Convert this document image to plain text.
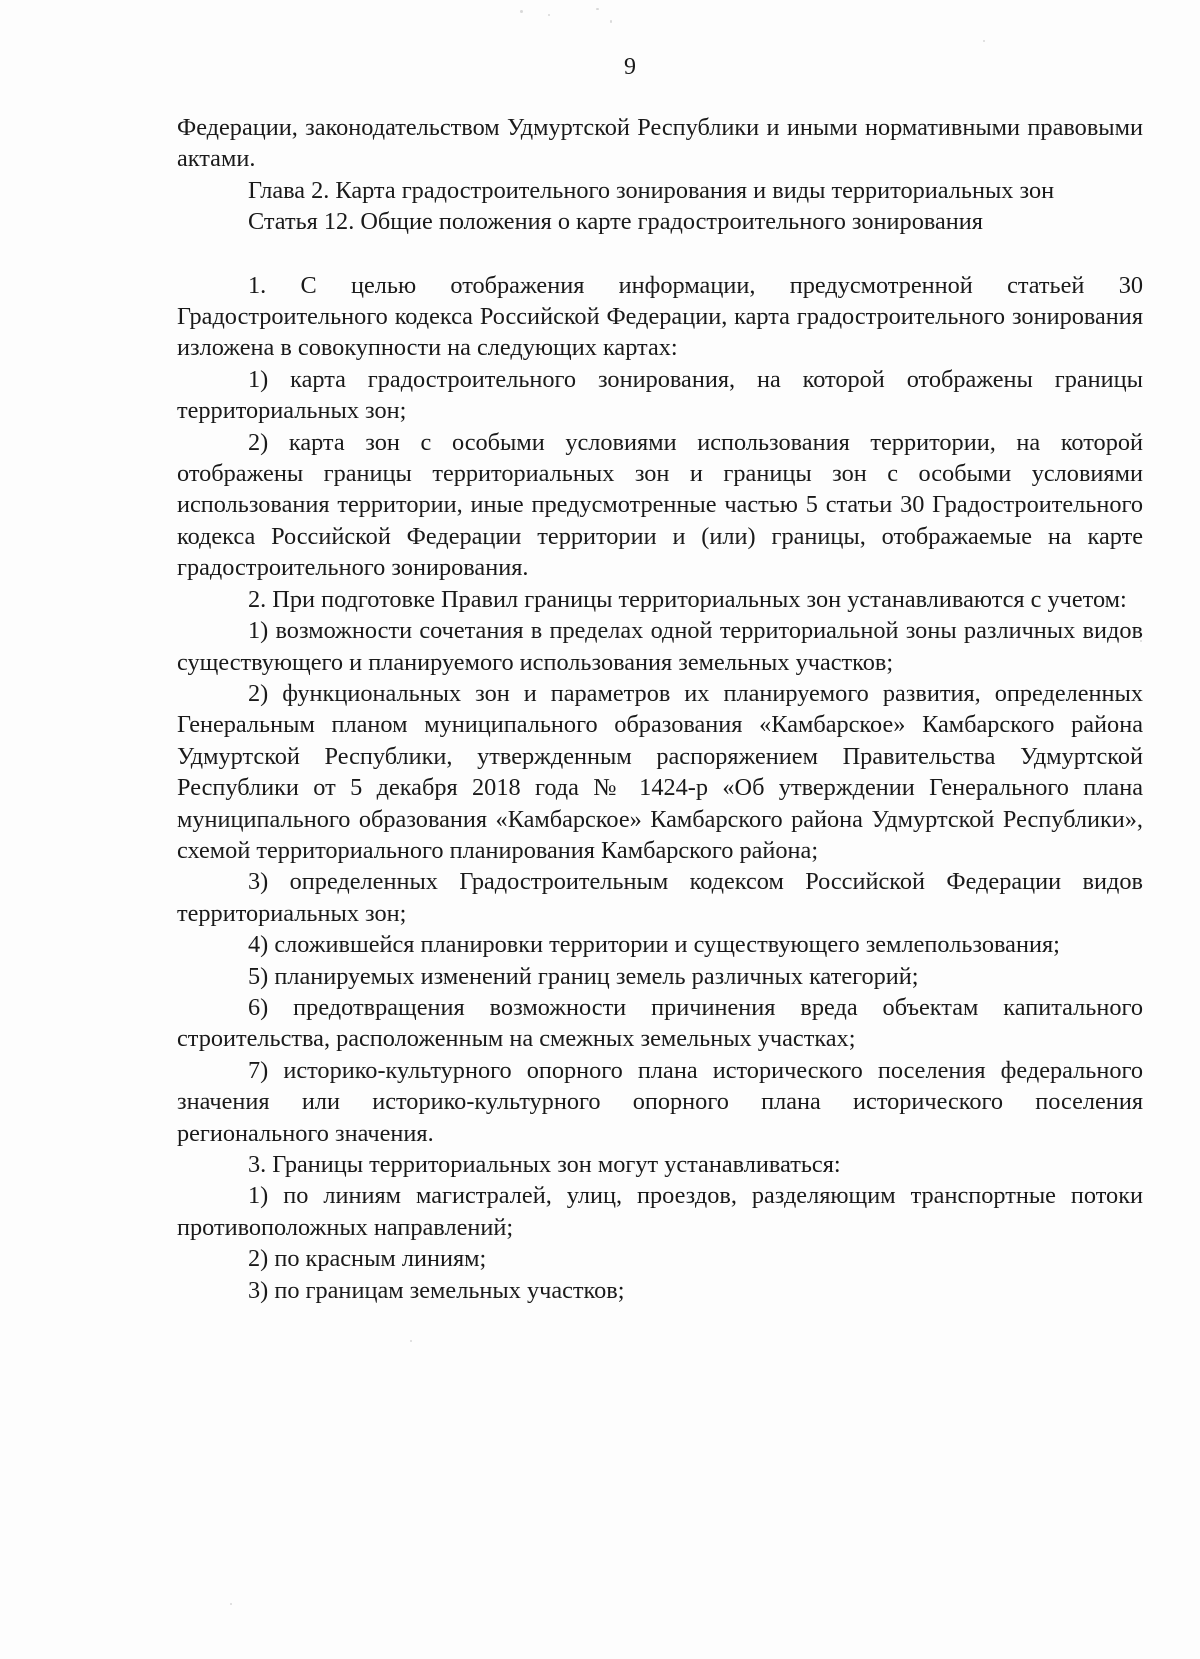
9

Федерации, законодательством Удмуртской Республики и иными нормативными правовыми актами.

Глава 2. Карта градостроительного зонирования и виды территориальных зон

Статья 12. Общие положения о карте градостроительного зонирования

1. С целью отображения информации, предусмотренной статьей 30 Градостроительного кодекса Российской Федерации, карта градостроительного зонирования изложена в совокупности на следующих картах:

1) карта градостроительного зонирования, на которой отображены границы территориальных зон;

2) карта зон с особыми условиями использования территории, на которой отображены границы территориальных зон и границы зон с особыми условиями использования территории, иные предусмотренные частью 5 статьи 30 Градостроительного кодекса Российской Федерации территории и (или) границы, отображаемые на карте градостроительного зонирования.

2. При подготовке Правил границы территориальных зон устанавливаются с учетом:

1) возможности сочетания в пределах одной территориальной зоны различных видов существующего и планируемого использования земельных участков;

2) функциональных зон и параметров их планируемого развития, определенных Генеральным планом муниципального образования «Камбарское» Камбарского района Удмуртской Республики, утвержденным распоряжением Правительства Удмуртской Республики от 5 декабря 2018 года № 1424-р «Об утверждении Генерального плана муниципального образования «Камбарское» Камбарского района Удмуртской Республики», схемой территориального планирования Камбарского района;

3) определенных Градостроительным кодексом Российской Федерации видов территориальных зон;

4) сложившейся планировки территории и существующего землепользования;

5) планируемых изменений границ земель различных категорий;

6) предотвращения возможности причинения вреда объектам капитального строительства, расположенным на смежных земельных участках;

7) историко-культурного опорного плана исторического поселения федерального значения или историко-культурного опорного плана исторического поселения регионального значения.

3. Границы территориальных зон могут устанавливаться:

1) по линиям магистралей, улиц, проездов, разделяющим транспортные потоки противоположных направлений;

2) по красным линиям;

3) по границам земельных участков;
